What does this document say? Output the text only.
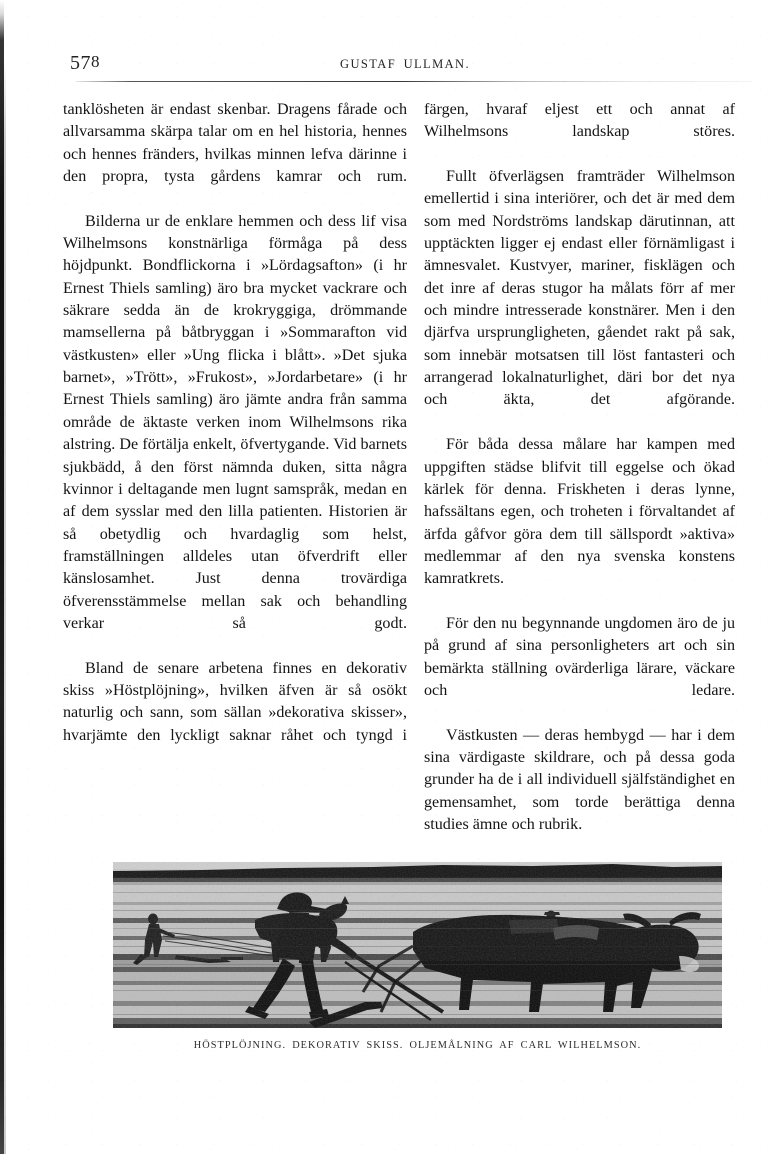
578	GUSTAF ULLMAN.

tanklösheten är endast skenbar. Dragens fårade och allvarsamma skärpa talar om en hel historia, hennes och hennes fränders, hvilkas minnen lefva därinne i den propra, tysta gårdens kamrar och rum.

Bilderna ur de enklare hemmen och dess lif visa Wilhelmsons konstnärliga förmåga på dess höjdpunkt. Bondflickorna i »Lördagsafton» (i hr Ernest Thiels samling) äro bra mycket vackrare och säkrare sedda än de krokryggiga, drömmande mamsellerna på båtbryggan i »Sommarafton vid västkusten» eller »Ung flicka i blått». »Det sjuka barnet», »Trött», »Frukost», »Jordarbetare» (i hr Ernest Thiels samling) äro jämte andra från samma område de äktaste verken inom Wilhelmsons rika alstring. De förtälja enkelt, öfvertygande. Vid barnets sjukbädd, å den först nämnda duken, sitta några kvinnor i deltagande men lugnt samspråk, medan en af dem sysslar med den lilla patienten. Historien är så obetydlig och hvardaglig som helst, framställningen alldeles utan öfverdrift eller känslosamhet. Just denna trovärdiga öfverensstämmelse mellan sak och behandling verkar så godt.

Bland de senare arbetena finnes en dekorativ skiss »Höstplöjning», hvilken äfven är så osökt naturlig och sann, som sällan »dekorativa skisser», hvarjämte den lyckligt saknar råhet och tyngd i

färgen, hvaraf eljest ett och annat af Wilhelmsons landskap störes.

Fullt öfverlägsen framträder Wilhelmson emellertid i sina interiörer, och det är med dem som med Nordströms landskap därutinnan, att upptäckten ligger ej endast eller förnämligast i ämnesvalet. Kustvyer, mariner, fisklägen och det inre af deras stugor ha målats förr af mer och mindre intresserade konstnärer. Men i den djärfva ursprungligheten, gåendet rakt på sak, som innebär motsatsen till löst fantasteri och arrangerad lokalnaturlighet, däri bor det nya och äkta, det afgörande.

För båda dessa målare har kampen med uppgiften städse blifvit till eggelse och ökad kärlek för denna. Friskheten i deras lynne, hafssältans egen, och troheten i förvaltandet af ärfda gåfvor göra dem till sällspordt »aktiva» medlemmar af den nya svenska konstens kamratkrets.

För den nu begynnande ungdomen äro de ju på grund af sina personligheters art och sin bemärkta ställning ovärderliga lärare, väckare och ledare.

Västkusten — deras hembygd — har i dem sina värdigaste skildrare, och på dessa goda grunder ha de i all individuell själfständighet en gemensamhet, som torde berättiga denna studies ämne och rubrik.

HÖSTPLÖJNING. DEKORATIV SKISS. OLJEMÅLNING AF CARL WILHELMSON.
